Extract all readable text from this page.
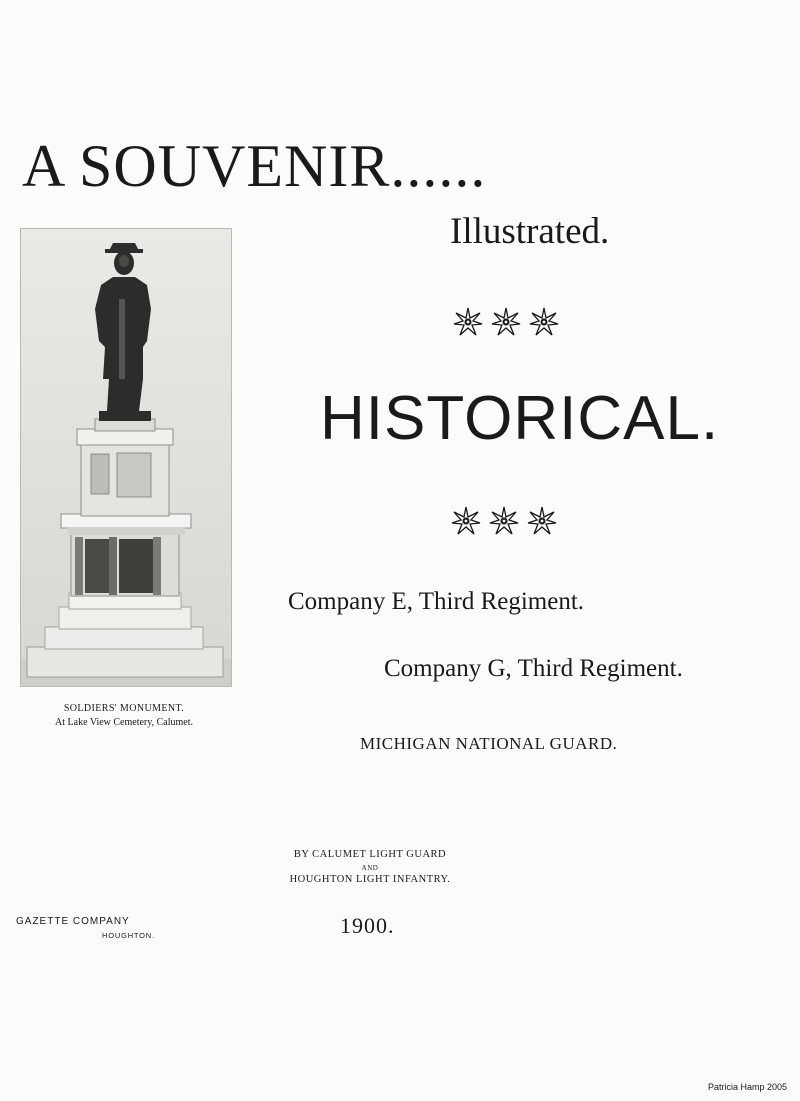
A SOUVENIR......
Illustrated.
HISTORICAL.
Company E, Third Regiment.
Company G, Third Regiment.
MICHIGAN NATIONAL GUARD.
SOLDIERS' MONUMENT.
At Lake View Cemetery, Calumet.
BY CALUMET LIGHT GUARD
AND
HOUGHTON LIGHT INFANTRY.
GAZETTE COMPANY
HOUGHTON.	1900.
Patricia Hamp 2005
